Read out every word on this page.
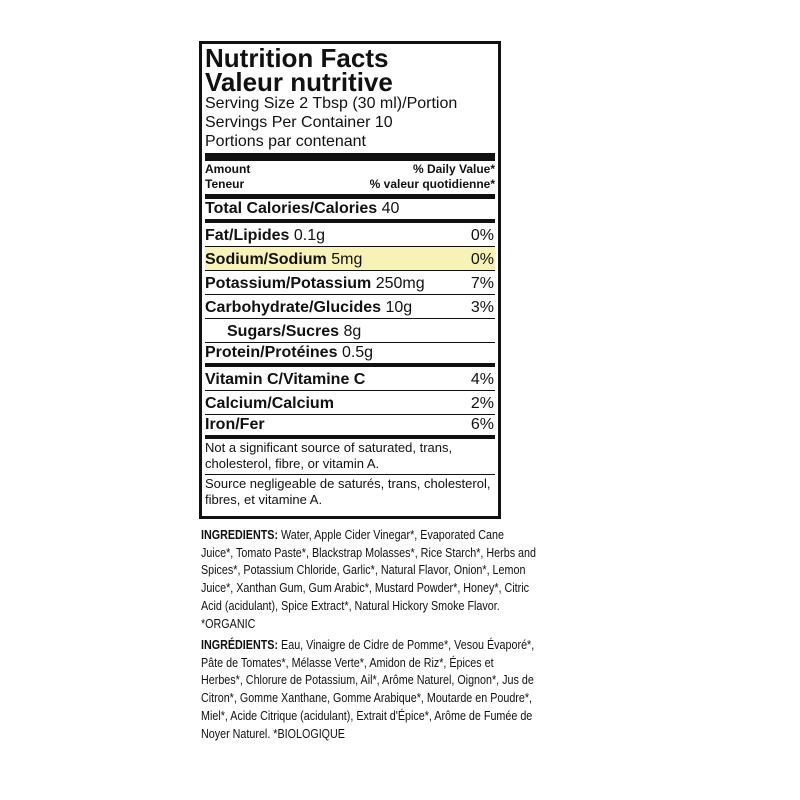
Nutrition Facts
Valeur nutritive
Serving Size 2 Tbsp (30 ml)/Portion
Servings Per Container 10
Portions par contenant
Amount	% Daily Value*
Teneur	% valeur quotidienne*
Total Calories/Calories 40
Fat/Lipides 0.1g	0%
Sodium/Sodium 5mg	0%
Potassium/Potassium 250mg	7%
Carbohydrate/Glucides 10g	3%
Sugars/Sucres 8g
Protein/Protéines 0.5g
Vitamin C/Vitamine C	4%
Calcium/Calcium	2%
Iron/Fer	6%
Not a significant source of saturated, trans, cholesterol, fibre, or vitamin A.
Source negligeable de saturés, trans, cholesterol, fibres, et vitamine A.
INGREDIENTS: Water, Apple Cider Vinegar*, Evaporated Cane Juice*, Tomato Paste*, Blackstrap Molasses*, Rice Starch*, Herbs and Spices*, Potassium Chloride, Garlic*, Natural Flavor, Onion*, Lemon Juice*, Xanthan Gum, Gum Arabic*, Mustard Powder*, Honey*, Citric Acid (acidulant), Spice Extract*, Natural Hickory Smoke Flavor. *ORGANIC
INGRÉDIENTS: Eau, Vinaigre de Cidre de Pomme*, Vesou Évaporé*, Pâte de Tomates*, Mélasse Verte*, Amidon de Riz*, Épices et Herbes*, Chlorure de Potassium, Ail*, Arôme Naturel, Oignon*, Jus de Citron*, Gomme Xanthane, Gomme Arabique*, Moutarde en Poudre*, Miel*, Acide Citrique (acidulant), Extrait d'Épice*, Arôme de Fumée de Noyer Naturel. *BIOLOGIQUE
